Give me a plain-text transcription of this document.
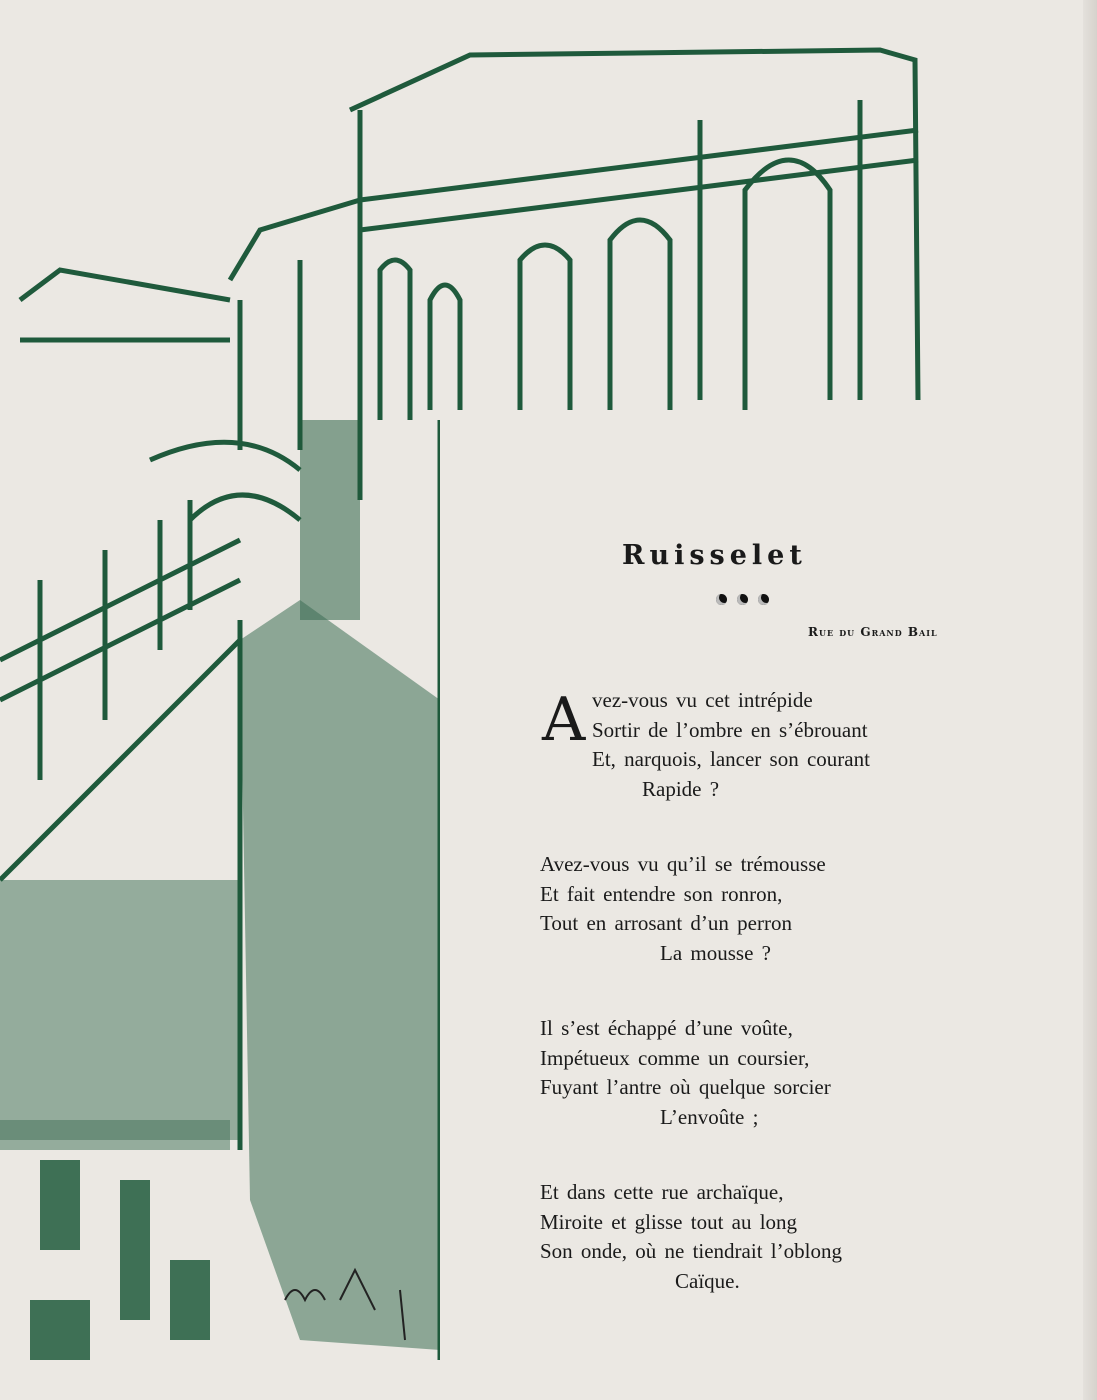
Ruisselet
Rue du Grand Bail
A vez-vous vu cet intrépide
Sortir de l’ombre en s’ébrouant
Et, narquois, lancer son courant
Rapide ?
Avez-vous vu qu’il se trémousse
Et fait entendre son ronron,
Tout en arrosant d’un perron
La mousse ?
Il s’est échappé d’une voûte,
Impétueux comme un coursier,
Fuyant l’antre où quelque sorcier
L’envoûte ;
Et dans cette rue archaïque,
Miroite et glisse tout au long
Son onde, où ne tiendrait l’oblong
Caïque.
